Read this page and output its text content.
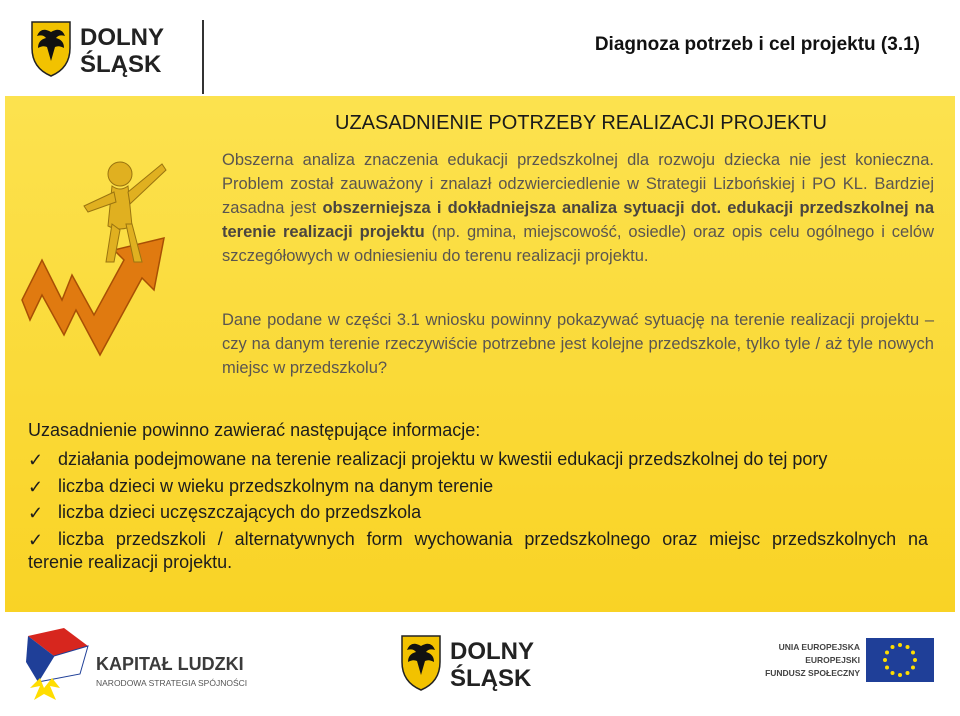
DOLNY
ŚLĄSK
Diagnoza potrzeb i cel projektu (3.1)
UZASADNIENIE POTRZEBY REALIZACJI PROJEKTU

Obszerna analiza znaczenia edukacji przedszkolnej dla rozwoju dziecka nie jest konieczna. Problem został zauważony i znalazł odzwierciedlenie w Strategii Lizbońskiej i PO KL. Bardziej zasadna jest obszerniejsza i dokładniejsza analiza sytuacji dot. edukacji przedszkolnej na terenie realizacji projektu (np. gmina, miejscowość, osiedle) oraz opis celu ogólnego i celów szczegółowych w odniesieniu do terenu realizacji projektu.

Dane podane w części 3.1 wniosku powinny pokazywać sytuację na terenie realizacji projektu – czy na danym terenie rzeczywiście potrzebne jest kolejne przedszkole, tylko tyle / aż tyle nowych miejsc w przedszkolu?

Uzasadnienie powinno zawierać następujące informacje:
✓ działania podejmowane na terenie realizacji projektu w kwestii edukacji przedszkolnej do tej pory
✓ liczba dzieci w wieku przedszkolnym na danym terenie
✓ liczba dzieci uczęszczających do przedszkola
✓ liczba przedszkoli / alternatywnych form wychowania przedszkolnego oraz miejsc przedszkolnych na
terenie realizacji projektu.
KAPITAŁ LUDZKI
NARODOWA STRATEGIA SPÓJNOŚCI
DOLNY
ŚLĄSK
UNIA EUROPEJSKA
EUROPEJSKI
FUNDUSZ SPOŁECZNY
